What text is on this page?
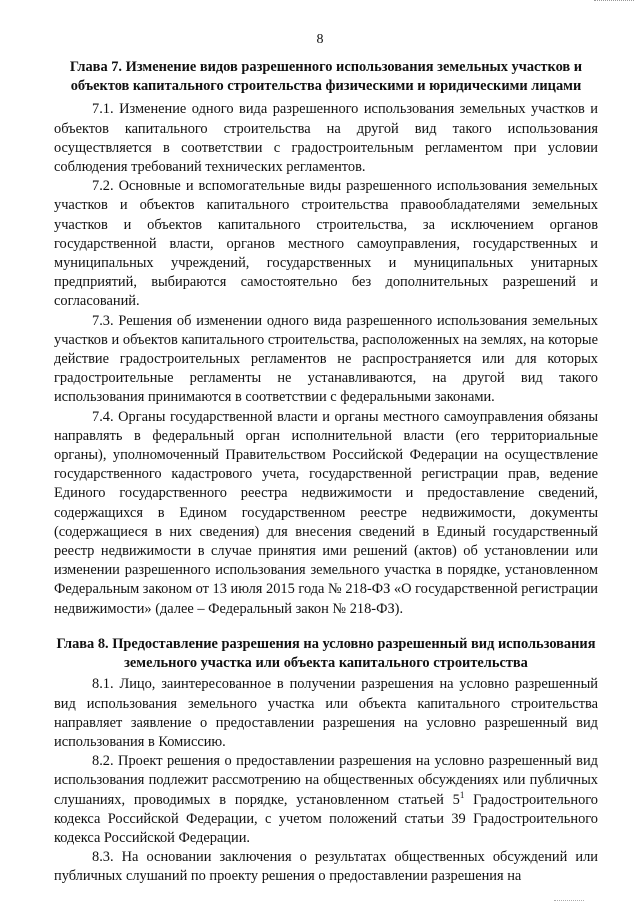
8

Глава 7. Изменение видов разрешенного использования земельных участков и объектов капитального строительства физическими и юридическими лицами

7.1. Изменение одного вида разрешенного использования земельных участков и объектов капитального строительства на другой вид такого использования осуществляется в соответствии с градостроительным регламентом при условии соблюдения требований технических регламентов.

7.2. Основные и вспомогательные виды разрешенного использования земельных участков и объектов капитального строительства правообладателями земельных участков и объектов капитального строительства, за исключением органов государственной власти, органов местного самоуправления, государственных и муниципальных учреждений, государственных и муниципальных унитарных предприятий, выбираются самостоятельно без дополнительных разрешений и согласований.

7.3. Решения об изменении одного вида разрешенного использования земельных участков и объектов капитального строительства, расположенных на землях, на которые действие градостроительных регламентов не распространяется или для которых градостроительные регламенты не устанавливаются, на другой вид такого использования принимаются в соответствии с федеральными законами.

7.4. Органы государственной власти и органы местного самоуправления обязаны направлять в федеральный орган исполнительной власти (его территориальные органы), уполномоченный Правительством Российской Федерации на осуществление государственного кадастрового учета, государственной регистрации прав, ведение Единого государственного реестра недвижимости и предоставление сведений, содержащихся в Едином государственном реестре недвижимости, документы (содержащиеся в них сведения) для внесения сведений в Единый государственный реестр недвижимости в случае принятия ими решений (актов) об установлении или изменении разрешенного использования земельного участка в порядке, установленном Федеральным законом от 13 июля 2015 года № 218-ФЗ «О государственной регистрации недвижимости» (далее – Федеральный закон № 218-ФЗ).

Глава 8. Предоставление разрешения на условно разрешенный вид использования земельного участка или объекта капитального строительства

8.1. Лицо, заинтересованное в получении разрешения на условно разрешенный вид использования земельного участка или объекта капитального строительства направляет заявление о предоставлении разрешения на условно разрешенный вид использования в Комиссию.

8.2. Проект решения о предоставлении разрешения на условно разрешенный вид использования подлежит рассмотрению на общественных обсуждениях или публичных слушаниях, проводимых в порядке, установленном статьей $5^1$ Градостроительного кодекса Российской Федерации, с учетом положений статьи 39 Градостроительного кодекса Российской Федерации.

8.3. На основании заключения о результатах общественных обсуждений или публичных слушаний по проекту решения о предоставлении разрешения на
